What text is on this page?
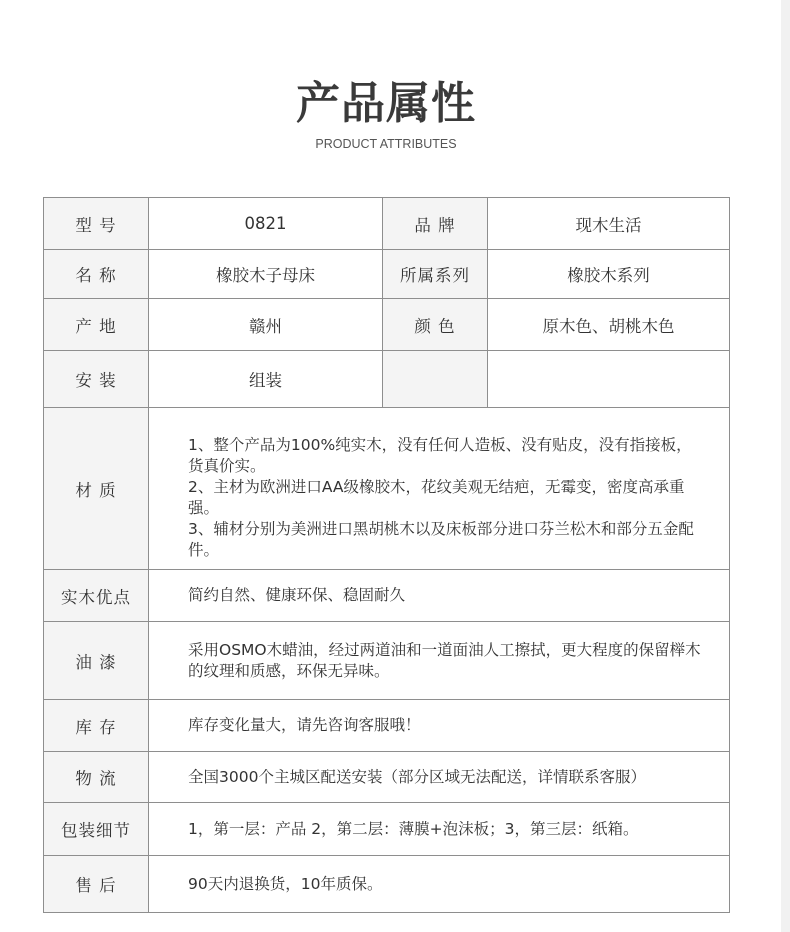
产品属性
PRODUCT ATTRIBUTES
型 号	0821	品 牌	现木生活
名 称	橡胶木子母床	所属系列	橡胶木系列
产 地	赣州	颜 色	原木色、胡桃木色
安 装	组装		
材 质	1、整个产品为100%纯实木，没有任何人造板、没有贴皮，没有指接板，货真价实。
2、主材为欧洲进口AA级橡胶木，花纹美观无结疤，无霉变，密度高承重强。
3、辅材分别为美洲进口黑胡桃木以及床板部分进口芬兰松木和部分五金配件。		

实木优点	简约自然、健康环保、稳固耐久		
油 漆	采用OSMO木蜡油，经过两道油和一道面油人工擦拭，更大程度的保留榉木的纹理和质感，环保无异味。		
库 存	库存变化量大，请先咨询客服哦！		
物 流	全国3000个主城区配送安装（部分区域无法配送，详情联系客服）		
包装细节	1，第一层：产品 2，第二层：薄膜+泡沫板；3，第三层：纸箱。		
售 后	90天内退换货，10年质保。		
